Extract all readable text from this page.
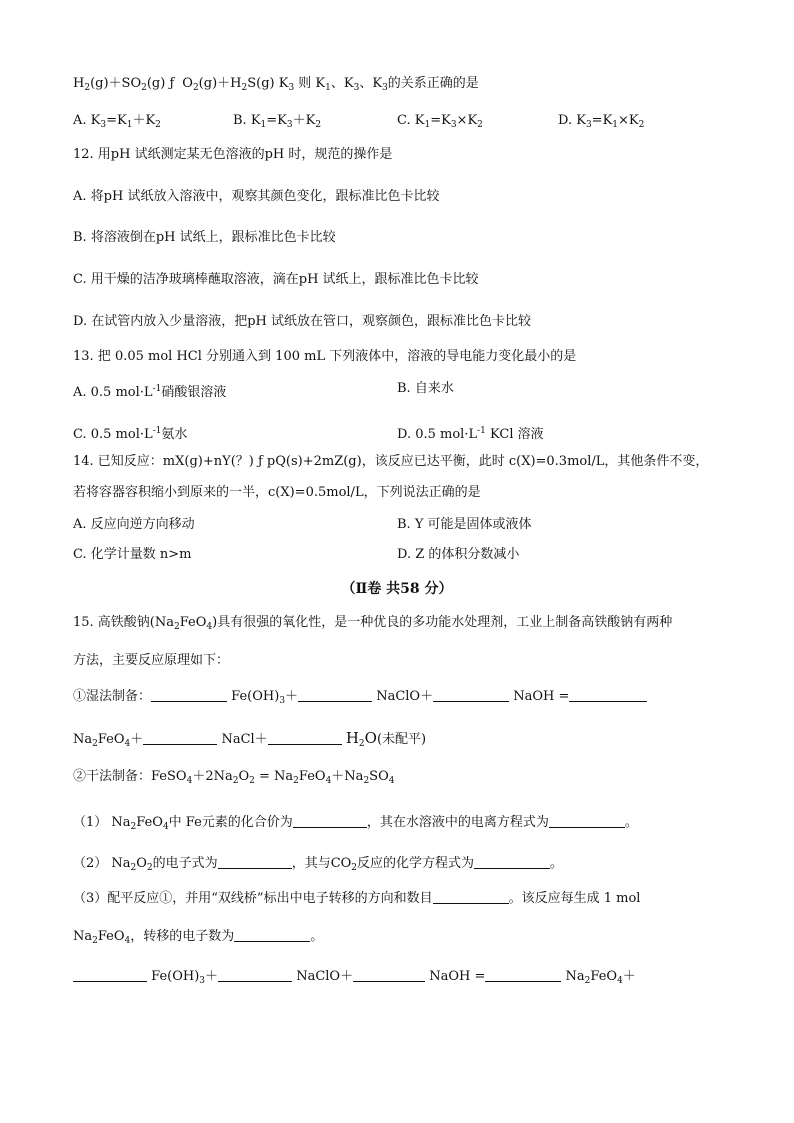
$H_2(g)+SO_2(g)$ ƒ $O_2(g)+H_2S(g)$ $K_3$ 则 $K_1$、$K_3$、$K_3$的关系正确的是
A. $K_3=K_1+K_2$	B. $K_1=K_3+K_2$	C. $K_1=K_3\times K_2$	D. $K_3=K_1\times K_2$
12. 用pH 试纸测定某无色溶液的pH 时，规范的操作是
A. 将pH 试纸放入溶液中，观察其颜色变化，跟标准比色卡比较
B. 将溶液倒在pH 试纸上，跟标准比色卡比较
C. 用干燥的洁净玻璃棒蘸取溶液，滴在pH 试纸上，跟标准比色卡比较
D. 在试管内放入少量溶液，把pH 试纸放在管口，观察颜色，跟标准比色卡比较
13. 把 0.05 mol HCl 分别通入到 100 mL 下列液体中，溶液的导电能力变化最小的是
A. 0.5 $mol\cdot L^{-1}$硝酸银溶液	B. 自来水
C. 0.5 $mol\cdot L^{-1}$氨水	D. 0.5 $mol\cdot L^{-1}$ KCl 溶液
14. 已知反应：mX(g)+nY(？) ƒ pQ(s)+2mZ(g)，该反应已达平衡，此时 c(X)=0.3mol/L，其他条件不变，
若将容器容积缩小到原来的一半，c(X)=0.5mol/L，下列说法正确的是
A. 反应向逆方向移动	B. Y 可能是固体或液体
C. 化学计量数 n>m	D. Z 的体积分数减小
（Ⅱ卷 共58 分）
15. 高铁酸钠$(Na_2FeO_4)$具有很强的氧化性，是一种优良的多功能水处理剂，工业上制备高铁酸钠有两种
方法，主要反应原理如下：
①湿法制备：	$Fe(OH)_3+$	NaClO＋	NaOH =
$Na_2FeO_4+$	NaCl＋	$H_2O$(未配平)
②干法制备：$FeSO_4+2Na_2O_2 = Na_2FeO_4+Na_2SO_4$
（1） $Na_2FeO_4$中 Fe元素的化合价为	，其在水溶液中的电离方程式为	。
（2） $Na_2O_2$的电子式为	，其与$CO_2$反应的化学方程式为	。
（3）配平反应①，并用“双线桥”标出中电子转移的方向和数目	。该反应每生成 1 mol
$Na_2FeO_4$，转移的电子数为	。
$Fe(OH)_3+$	NaClO＋	NaOH =	$Na_2FeO_4+$
